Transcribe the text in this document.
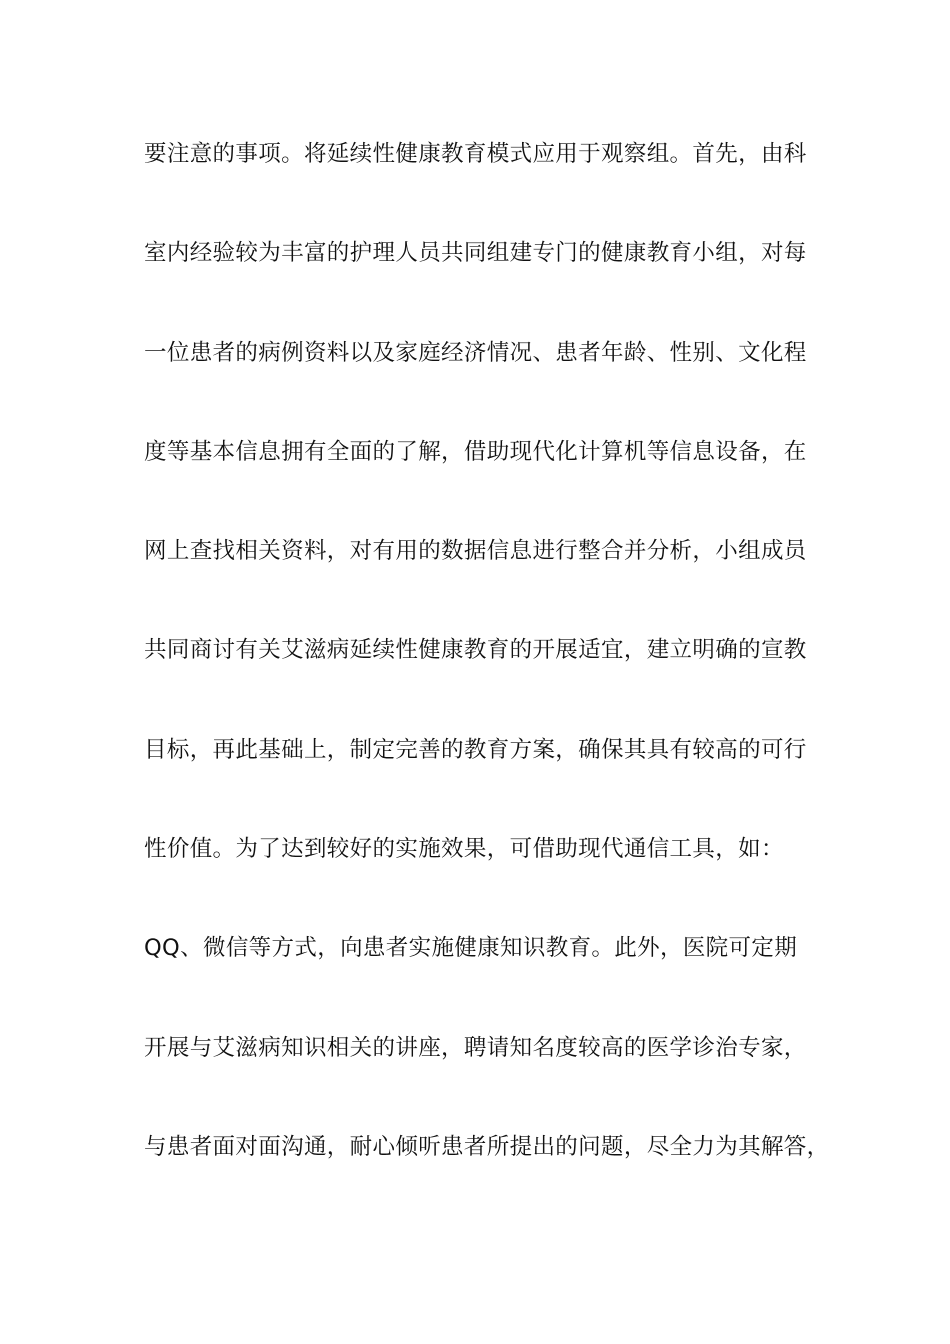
要注意的事项。将延续性健康教育模式应用于观察组。首先，由科
室内经验较为丰富的护理人员共同组建专门的健康教育小组，对每
一位患者的病例资料以及家庭经济情况、患者年龄、性别、文化程
度等基本信息拥有全面的了解，借助现代化计算机等信息设备，在
网上查找相关资料，对有用的数据信息进行整合并分析，小组成员
共同商讨有关艾滋病延续性健康教育的开展适宜，建立明确的宣教
目标，再此基础上，制定完善的教育方案，确保其具有较高的可行
性价值。为了达到较好的实施效果，可借助现代通信工具，如：
QQ、微信等方式，向患者实施健康知识教育。此外，医院可定期
开展与艾滋病知识相关的讲座，聘请知名度较高的医学诊治专家，
与患者面对面沟通，耐心倾听患者所提出的问题，尽全力为其解答，
